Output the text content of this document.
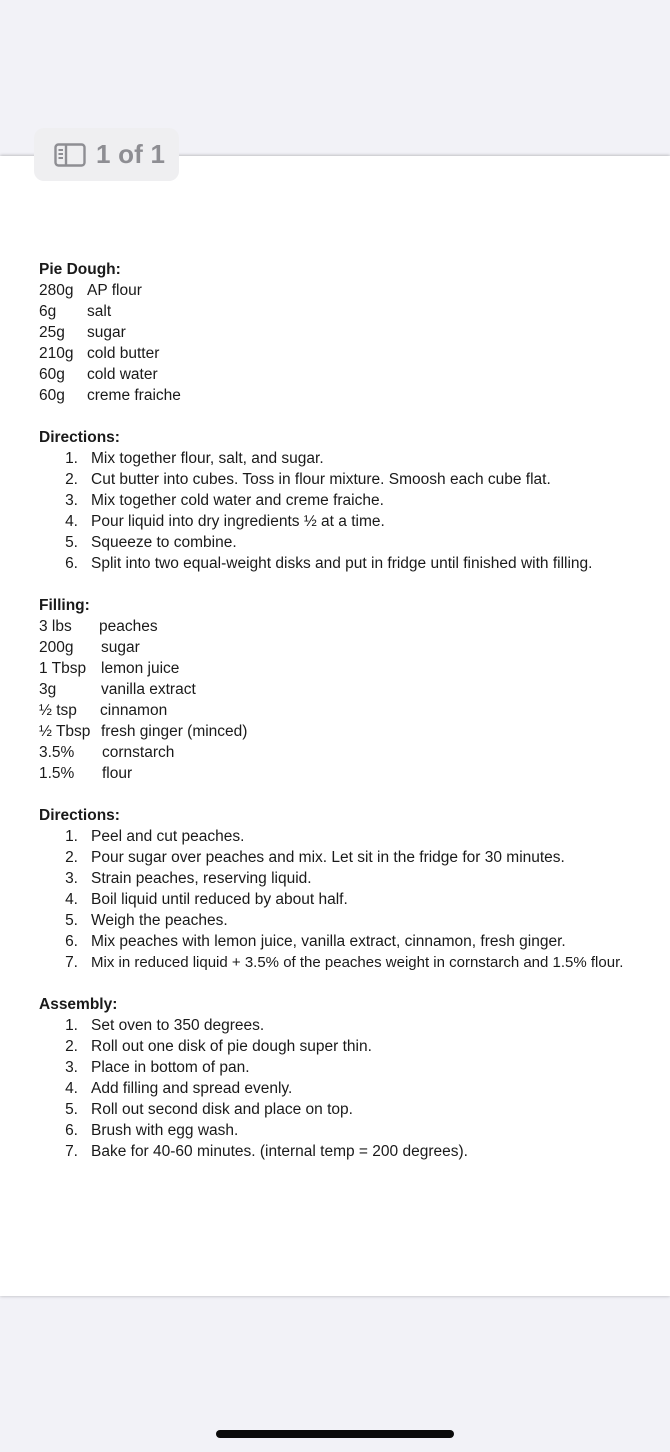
1 of 1
Pie Dough:
280g AP flour
6g salt
25g sugar
210g cold butter
60g cold water
60g creme fraiche
Directions:
1. Mix together flour, salt, and sugar.
2. Cut butter into cubes. Toss in flour mixture. Smoosh each cube flat.
3. Mix together cold water and creme fraiche.
4. Pour liquid into dry ingredients ½ at a time.
5. Squeeze to combine.
6. Split into two equal-weight disks and put in fridge until finished with filling.
Filling:
3 lbs peaches
200g sugar
1 Tbsp lemon juice
3g	vanilla extract
½ tsp cinnamon
½ Tbsp fresh ginger (minced)
3.5% cornstarch
1.5% flour
Directions:
1. Peel and cut peaches.
2. Pour sugar over peaches and mix. Let sit in the fridge for 30 minutes.
3. Strain peaches, reserving liquid.
4. Boil liquid until reduced by about half.
5. Weigh the peaches.
6. Mix peaches with lemon juice, vanilla extract, cinnamon, fresh ginger.
7. Mix in reduced liquid + 3.5% of the peaches weight in cornstarch and 1.5% flour.
Assembly:
1. Set oven to 350 degrees.
2. Roll out one disk of pie dough super thin.
3. Place in bottom of pan.
4. Add filling and spread evenly.
5. Roll out second disk and place on top.
6. Brush with egg wash.
7. Bake for 40-60 minutes. (internal temp = 200 degrees).
